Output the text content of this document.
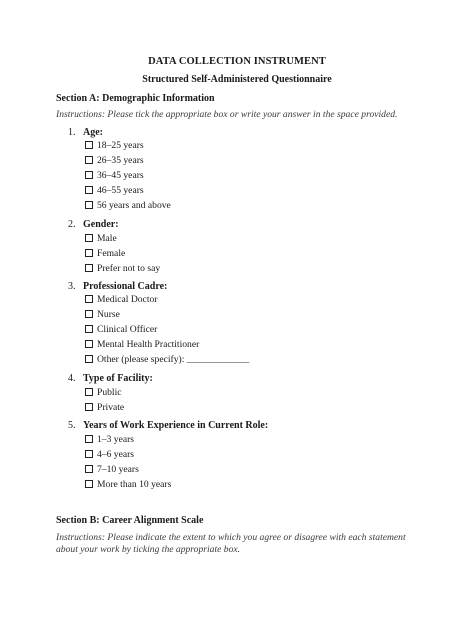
DATA COLLECTION INSTRUMENT
Structured Self-Administered Questionnaire
Section A: Demographic Information
Instructions: Please tick the appropriate box or write your answer in the space provided.
1. Age:
18–25 years
26–35 years
36–45 years
46–55 years
56 years and above
2. Gender:
Male
Female
Prefer not to say
3. Professional Cadre:
Medical Doctor
Nurse
Clinical Officer
Mental Health Practitioner
Other (please specify): _____________
4. Type of Facility:
Public
Private
5. Years of Work Experience in Current Role:
1–3 years
4–6 years
7–10 years
More than 10 years
Section B: Career Alignment Scale
Instructions: Please indicate the extent to which you agree or disagree with each statement about your work by ticking the appropriate box.
